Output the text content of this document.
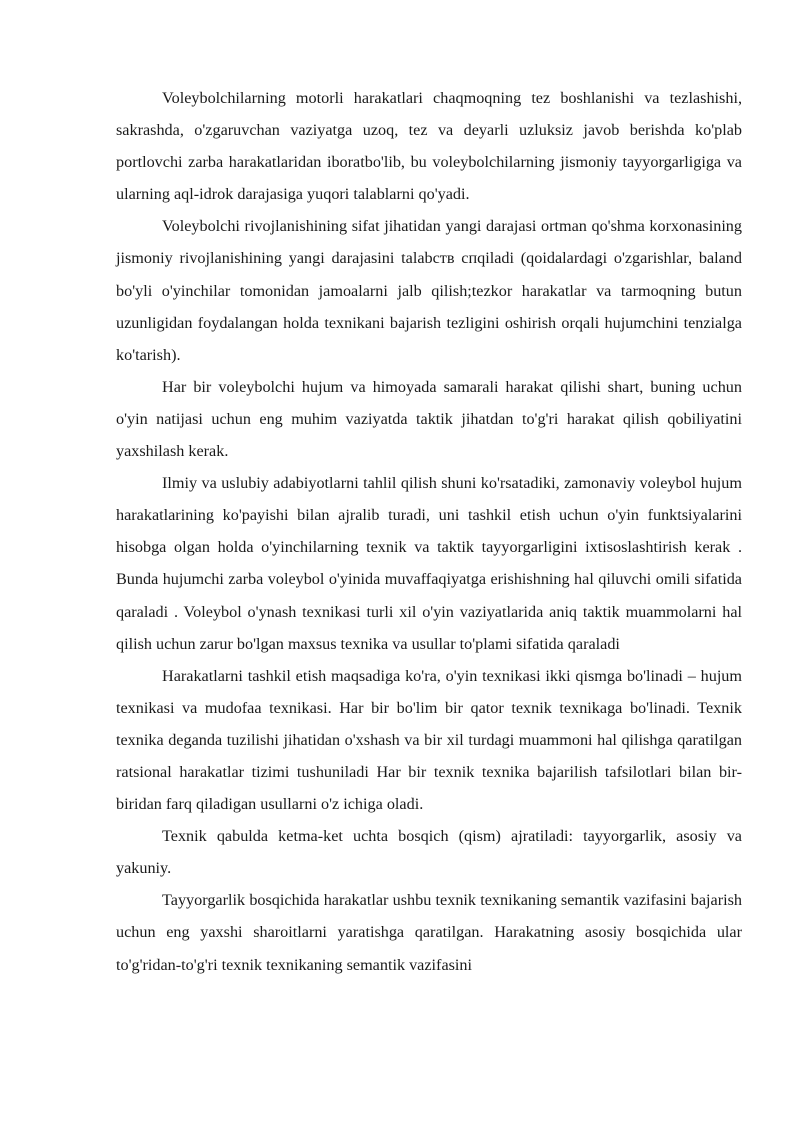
Voleybolchilarning motorli harakatlari chaqmoqning tez boshlanishi va tezlashishi, sakrashda, o'zgaruvchan vaziyatga uzoq, tez va deyarli uzluksiz javob berishda ko'plab portlovchi zarba harakatlaridan iboratbo'lib, bu voleybolchilarning jismoniy tayyorgarligiga va ularning aql-idrok darajasiga yuqori talablarni qo'yadi.

Voleybolchi rivojlanishining sifat jihatidan yangi darajasi ortman qo'shma korxonasining jismoniy rivojlanishining yangi darajasini talabств спqiladi (qoidalardagi o'zgarishlar, baland bo'yli o'yinchilar tomonidan jamoalarni jalb qilish;tezkor harakatlar va tarmoqning butun uzunligidan foydalangan holda texnikani bajarish tezligini oshirish orqali hujumchini tenzialga ko'tarish).

Har bir voleybolchi hujum va himoyada samarali harakat qilishi shart, buning uchun o'yin natijasi uchun eng muhim vaziyatda taktik jihatdan to'g'ri harakat qilish qobiliyatini yaxshilash kerak.

Ilmiy va uslubiy adabiyotlarni tahlil qilish shuni ko'rsatadiki, zamonaviy voleybol hujum harakatlarining ko'payishi bilan ajralib turadi, uni tashkil etish uchun o'yin funktsiyalarini hisobga olgan holda o'yinchilarning texnik va taktik tayyorgarligini ixtisoslashtirish kerak . Bunda hujumchi zarba voleybol o'yinida muvaffaqiyatga erishishning hal qiluvchi omili sifatida qaraladi . Voleybol o'ynash texnikasi turli xil o'yin vaziyatlarida aniq taktik muammolarni hal qilish uchun zarur bo'lgan maxsus texnika va usullar to'plami sifatida qaraladi

Harakatlarni tashkil etish maqsadiga ko'ra, o'yin texnikasi ikki qismga bo'linadi – hujum texnikasi va mudofaa texnikasi. Har bir bo'lim bir qator texnik texnikaga bo'linadi. Texnik texnika deganda tuzilishi jihatidan o'xshash va bir xil turdagi muammoni hal qilishga qaratilgan ratsional harakatlar tizimi tushuniladi Har bir texnik texnika bajarilish tafsilotlari bilan bir-biridan farq qiladigan usullarni o'z ichiga oladi.

Texnik qabulda ketma-ket uchta bosqich (qism) ajratiladi: tayyorgarlik, asosiy va yakuniy.

Tayyorgarlik bosqichida harakatlar ushbu texnik texnikaning semantik vazifasini bajarish uchun eng yaxshi sharoitlarni yaratishga qaratilgan. Harakatning asosiy bosqichida ular to'g'ridan-to'g'ri texnik texnikaning semantik vazifasini
